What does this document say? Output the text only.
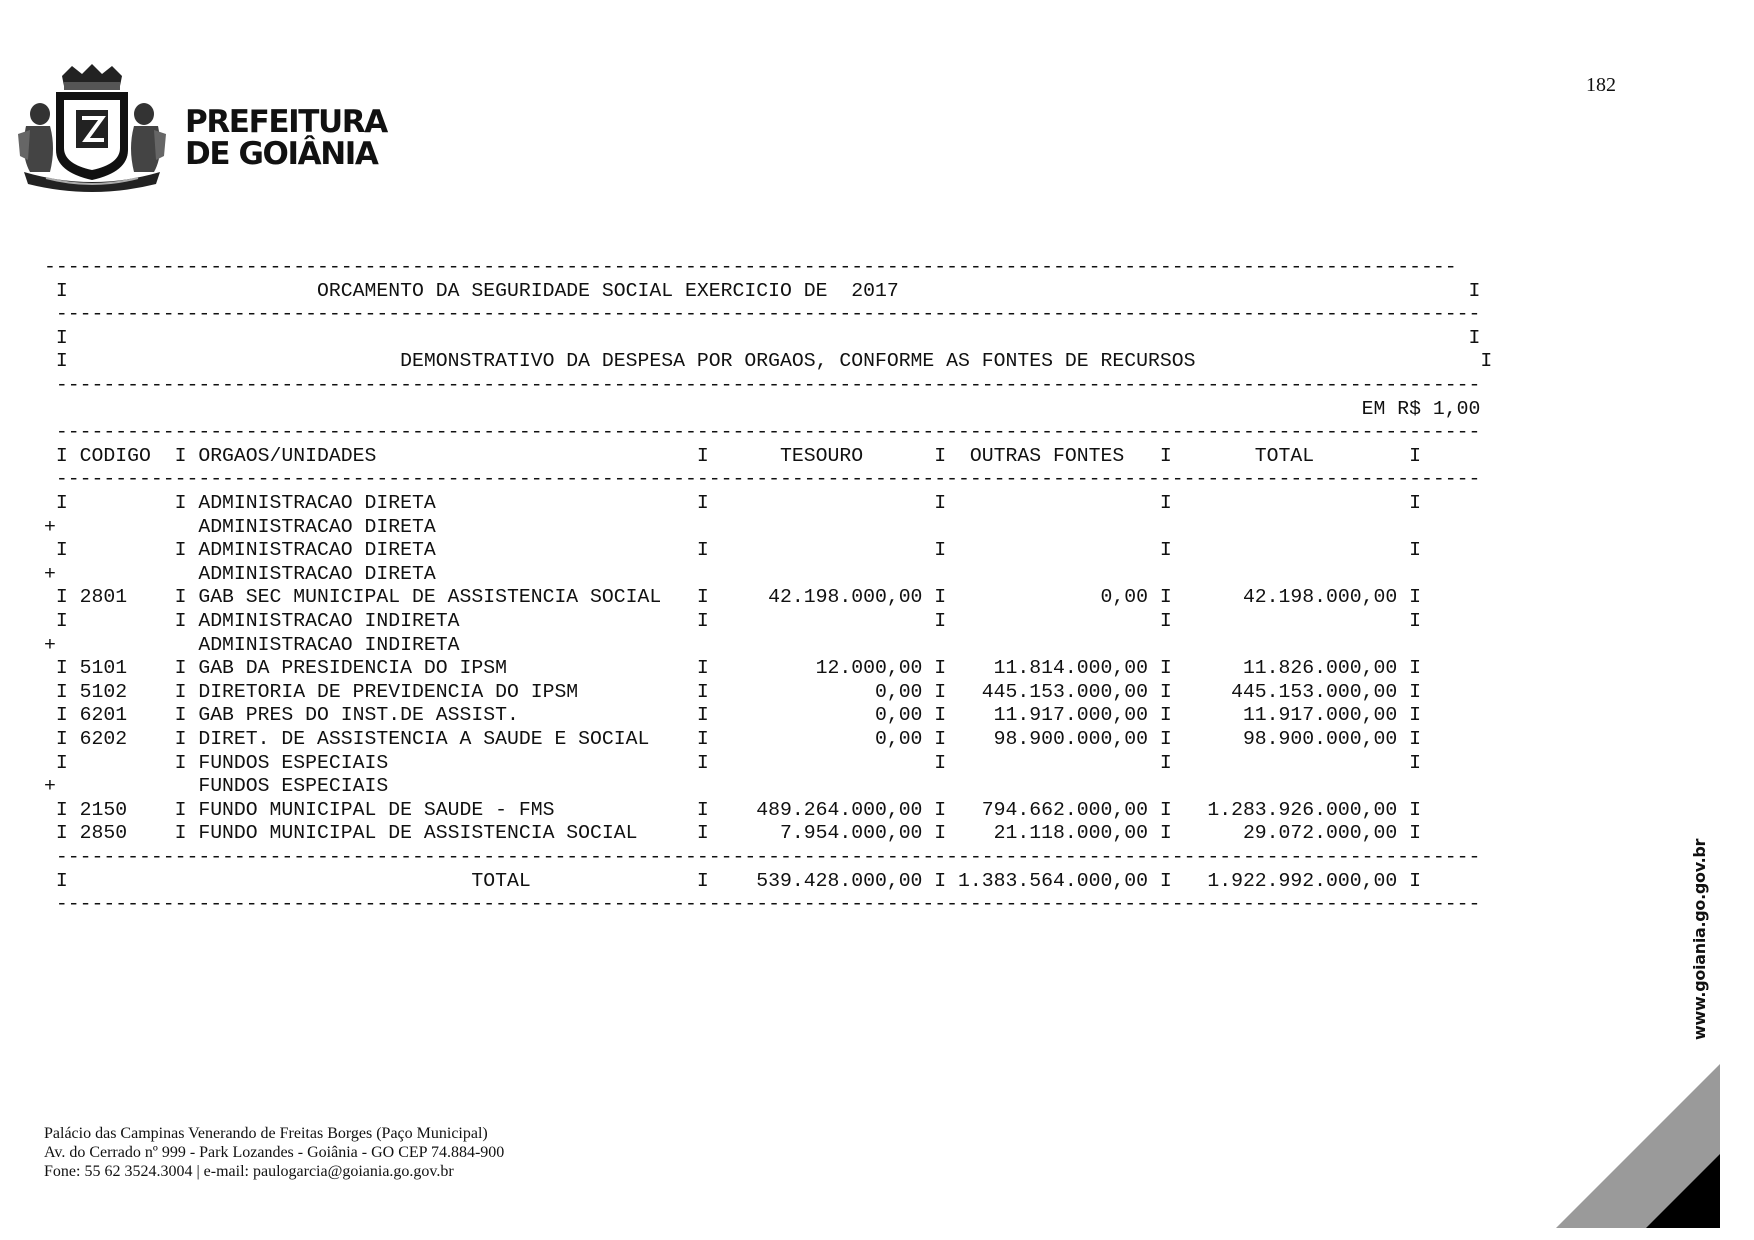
PREFEITURA
DE GOIÂNIA
182
-----------------------------------------------------------------------------------------------------------------------
I                     ORCAMENTO DA SEGURIDADE SOCIAL EXERCICIO DE  2017                                                I
------------------------------------------------------------------------------------------------------------------------
I                                                                                                                      I
I                            DEMONSTRATIVO DA DESPESA POR ORGAOS, CONFORME AS FONTES DE RECURSOS                        I
------------------------------------------------------------------------------------------------------------------------
EM R$ 1,00
------------------------------------------------------------------------------------------------------------------------
I CODIGO  I ORGAOS/UNIDADES                           I      TESOURO      I  OUTRAS FONTES   I       TOTAL        I
------------------------------------------------------------------------------------------------------------------------
I         I ADMINISTRACAO DIRETA                      I                   I                  I                    I
+            ADMINISTRACAO DIRETA
I         I ADMINISTRACAO DIRETA                      I                   I                  I                    I
+            ADMINISTRACAO DIRETA
I 2801    I GAB SEC MUNICIPAL DE ASSISTENCIA SOCIAL   I     42.198.000,00 I             0,00 I      42.198.000,00 I
I         I ADMINISTRACAO INDIRETA                    I                   I                  I                    I
+            ADMINISTRACAO INDIRETA
I 5101    I GAB DA PRESIDENCIA DO IPSM                I         12.000,00 I    11.814.000,00 I      11.826.000,00 I
I 5102    I DIRETORIA DE PREVIDENCIA DO IPSM          I              0,00 I   445.153.000,00 I     445.153.000,00 I
I 6201    I GAB PRES DO INST.DE ASSIST.               I              0,00 I    11.917.000,00 I      11.917.000,00 I
I 6202    I DIRET. DE ASSISTENCIA A SAUDE E SOCIAL    I              0,00 I    98.900.000,00 I      98.900.000,00 I
I         I FUNDOS ESPECIAIS                          I                   I                  I                    I
+            FUNDOS ESPECIAIS
I 2150    I FUNDO MUNICIPAL DE SAUDE - FMS            I    489.264.000,00 I   794.662.000,00 I   1.283.926.000,00 I
I 2850    I FUNDO MUNICIPAL DE ASSISTENCIA SOCIAL     I      7.954.000,00 I    21.118.000,00 I      29.072.000,00 I
------------------------------------------------------------------------------------------------------------------------
I                                  TOTAL              I    539.428.000,00 I 1.383.564.000,00 I   1.922.992.000,00 I
------------------------------------------------------------------------------------------------------------------------	www.goiania.go.gov.br
Palácio das Campinas Venerando de Freitas Borges (Paço Municipal)
Av. do Cerrado nº 999 - Park Lozandes - Goiânia - GO CEP 74.884-900
Fone: 55 62 3524.3004 | e-mail: paulogarcia@goiania.go.gov.br
